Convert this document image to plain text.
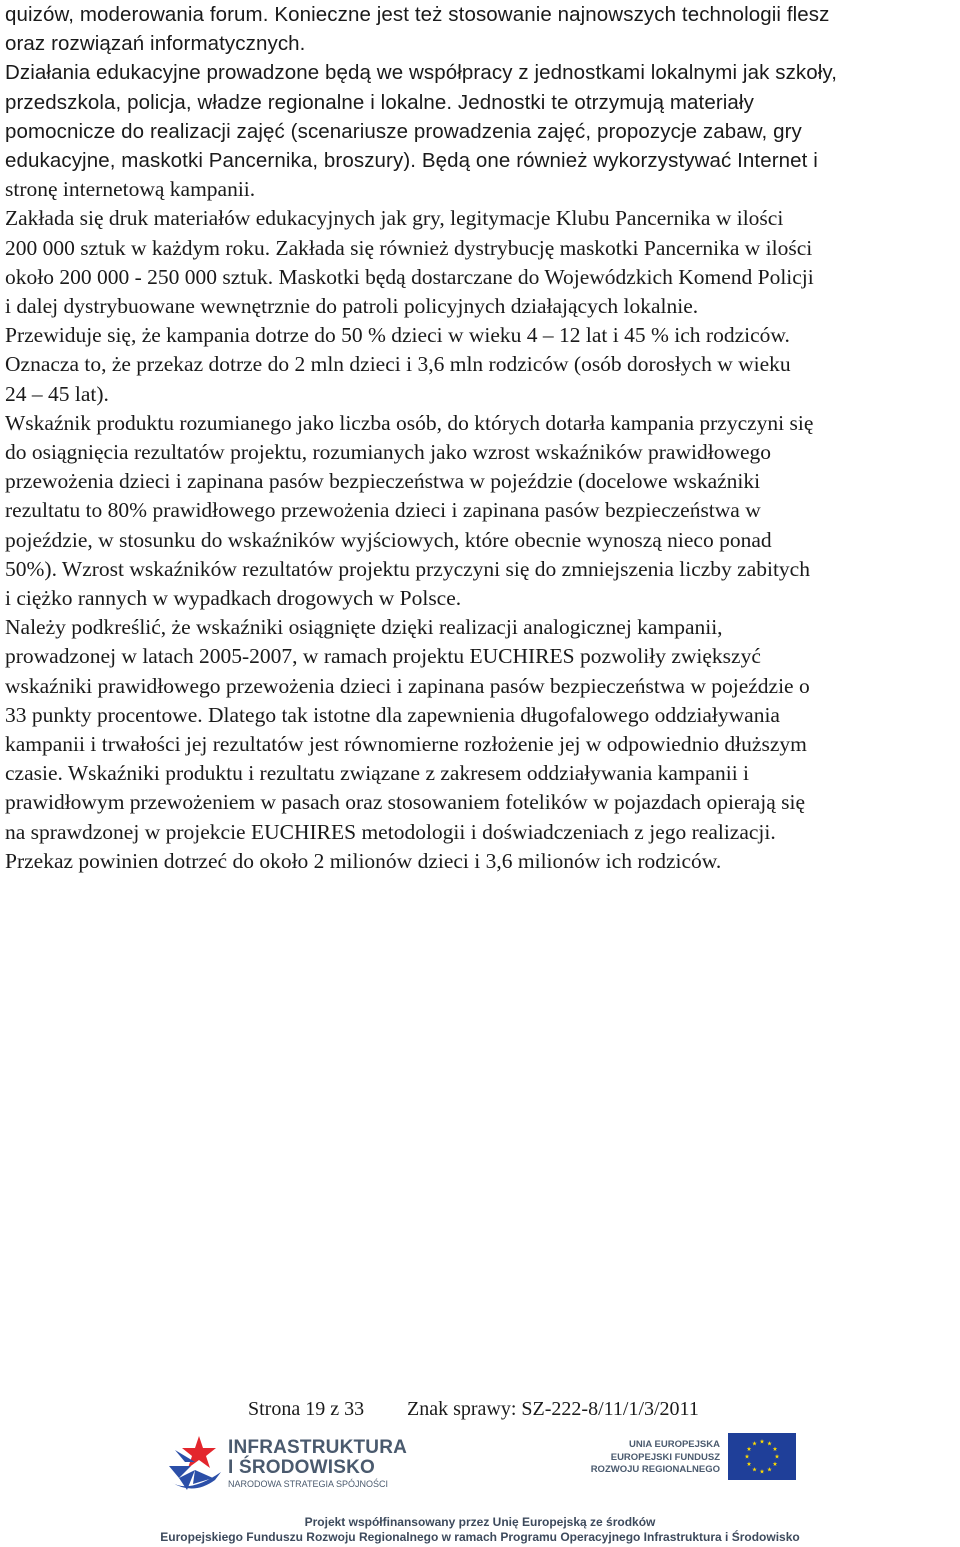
quizów, moderowania forum. Konieczne jest też stosowanie najnowszych technologii flesz
oraz rozwiązań informatycznych.
Działania edukacyjne prowadzone będą we współpracy z jednostkami lokalnymi jak szkoły,
przedszkola, policja, władze regionalne i lokalne. Jednostki te otrzymują materiały
pomocnicze do realizacji zajęć (scenariusze prowadzenia zajęć, propozycje zabaw, gry
edukacyjne, maskotki Pancernika, broszury). Będą one również wykorzystywać Internet i
stronę internetową kampanii.
Zakłada się druk materiałów edukacyjnych jak gry, legitymacje Klubu Pancernika w ilości
200 000 sztuk w każdym roku. Zakłada się również dystrybucję maskotki Pancernika w ilości
około 200 000 - 250 000 sztuk. Maskotki będą dostarczane do Wojewódzkich Komend Policji
i dalej dystrybuowane wewnętrznie do patroli policyjnych działających lokalnie.
Przewiduje się, że kampania dotrze do 50 % dzieci w wieku 4 – 12 lat i 45 % ich rodziców.
Oznacza to, że przekaz dotrze do 2 mln dzieci i 3,6 mln rodziców (osób dorosłych w wieku
24 – 45 lat).
Wskaźnik produktu rozumianego jako liczba osób, do których dotarła kampania przyczyni się
do osiągnięcia rezultatów projektu, rozumianych jako wzrost wskaźników prawidłowego
przewożenia dzieci i zapinana pasów bezpieczeństwa w pojeździe (docelowe wskaźniki
rezultatu to 80% prawidłowego przewożenia dzieci i zapinana pasów bezpieczeństwa w
pojeździe, w stosunku do wskaźników wyjściowych, które obecnie wynoszą nieco ponad
50%). Wzrost wskaźników rezultatów projektu przyczyni się do zmniejszenia liczby zabitych
i ciężko rannych w wypadkach drogowych w Polsce.
Należy podkreślić, że wskaźniki osiągnięte dzięki realizacji analogicznej kampanii,
prowadzonej w latach 2005-2007, w ramach projektu EUCHIRES pozwoliły zwiększyć
wskaźniki prawidłowego przewożenia dzieci i zapinana pasów bezpieczeństwa w pojeździe o
33 punkty procentowe. Dlatego tak istotne dla zapewnienia długofalowego oddziaływania
kampanii i trwałości jej rezultatów jest równomierne rozłożenie jej w odpowiednio dłuższym
czasie. Wskaźniki produktu i rezultatu związane z zakresem oddziaływania kampanii i
prawidłowym przewożeniem w pasach oraz stosowaniem fotelików w pojazdach opierają się
na sprawdzonej w projekcie EUCHIRES metodologii i doświadczeniach z jego realizacji.
Przekaz powinien dotrzeć do około 2 milionów dzieci i 3,6 milionów ich rodziców.
Strona 19 z 33 Znak sprawy: SZ-222-8/11/1/3/2011
INFRASTRUKTURA
I ŚRODOWISKO
NARODOWA STRATEGIA SPÓJNOŚCI
UNIA EUROPEJSKA
EUROPEJSKI FUNDUSZ
ROZWOJU REGIONALNEGO
Projekt współfinansowany przez Unię Europejską ze środków
Europejskiego Funduszu Rozwoju Regionalnego w ramach Programu Operacyjnego Infrastruktura i Środowisko
